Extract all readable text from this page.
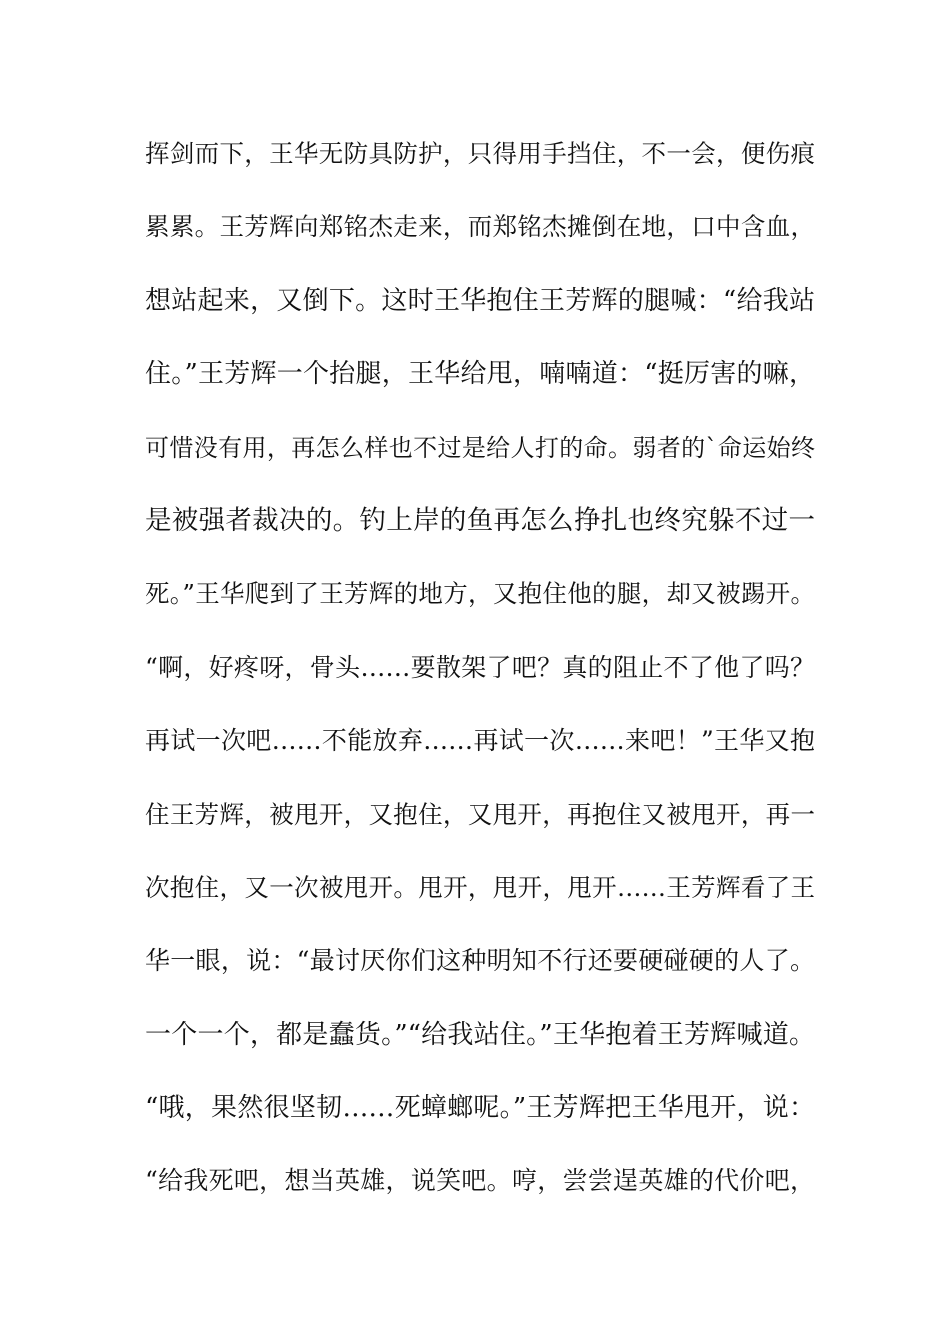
挥剑而下，王华无防具防护，只得用手挡住，不一会，便伤痕
累累。王芳辉向郑铭杰走来，而郑铭杰摊倒在地，口中含血，
想站起来，又倒下。这时王华抱住王芳辉的腿喊：“给我站
住。”王芳辉一个抬腿，王华给甩，喃喃道：“挺厉害的嘛，
可惜没有用，再怎么样也不过是给人打的命。弱者的`命运始终
是被强者裁决的。钓上岸的鱼再怎么挣扎也终究躲不过一
死。”王华爬到了王芳辉的地方，又抱住他的腿，却又被踢开。
“啊，好疼呀，骨头……要散架了吧？真的阻止不了他了吗？
再试一次吧……不能放弃……再试一次……来吧！”王华又抱
住王芳辉，被甩开，又抱住，又甩开，再抱住又被甩开，再一
次抱住，又一次被甩开。甩开，甩开，甩开……王芳辉看了王
华一眼，说：“最讨厌你们这种明知不行还要硬碰硬的人了。
一个一个，都是蠢货。”“给我站住。”王华抱着王芳辉喊道。
“哦，果然很坚韧……死蟑螂呢。”王芳辉把王华甩开，说：
“给我死吧，想当英雄，说笑吧。哼，尝尝逞英雄的代价吧，
